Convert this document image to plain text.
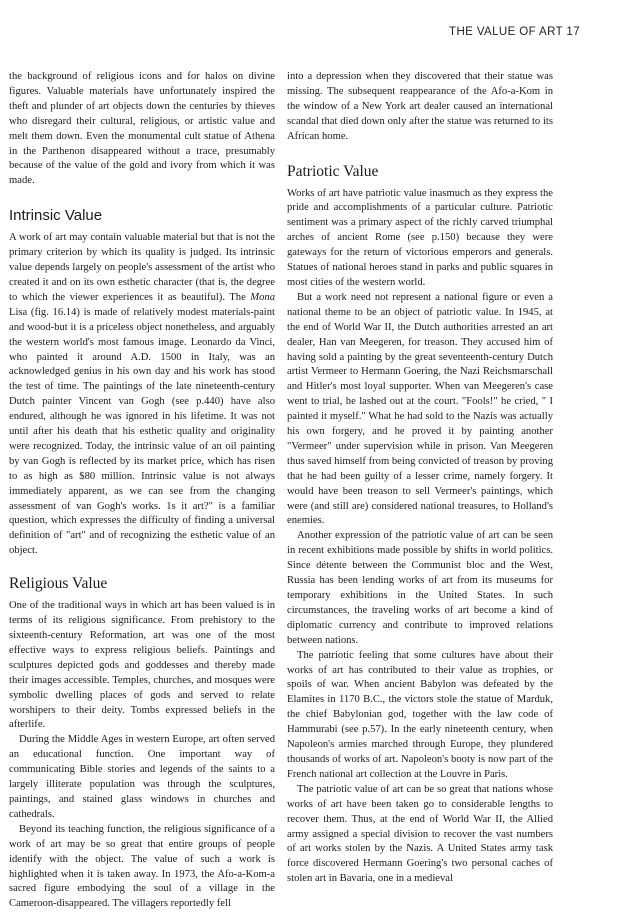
THE VALUE OF ART 17

the background of religious icons and for halos on divine figures. Valuable materials have unfortunately inspired the theft and plunder of art objects down the centuries by thieves who disregard their cultural, religious, or artistic value and melt them down. Even the monumental cult statue of Athena in the Parthenon disappeared without a trace, presumably because of the value of the gold and ivory from which it was made.

Intrinsic Value

A work of art may contain valuable material but that is not the primary criterion by which its quality is judged. Its intrinsic value depends largely on people's assessment of the artist who created it and on its own esthetic character (that is, the degree to which the viewer experiences it as beautiful). The Mona Lisa (fig. 16.14) is made of relatively modest materials-paint and wood-but it is a priceless object nonetheless, and arguably the western world's most famous image. Leonardo da Vinci, who painted it around A.D. 1500 in Italy, was an acknowledged genius in his own day and his work has stood the test of time. The paintings of the late nineteenth-century Dutch painter Vincent van Gogh (see p.440) have also endured, although he was ignored in his lifetime. It was not until after his death that his esthetic quality and originality were recognized. Today, the intrinsic value of an oil painting by van Gogh is reflected by its market price, which has risen to as high as $80 million. Intrinsic value is not always immediately apparent, as we can see from the changing assessment of van Gogh's works. 1s it art?" is a familiar question, which expresses the difficulty of finding a universal definition of "art" and of recognizing the esthetic value of an object.

Religious Value

One of the traditional ways in which art has been valued is in terms of its religious significance. From prehistory to the sixteenth-century Reformation, art was one of the most effective ways to express religious beliefs. Paintings and sculptures depicted gods and goddesses and thereby made their images accessible. Temples, churches, and mosques were symbolic dwelling places of gods and served to relate worshipers to their deity. Tombs expressed beliefs in the afterlife.

During the Middle Ages in western Europe, art often served an educational function. One important way of communicating Bible stories and legends of the saints to a largely illiterate population was through the sculptures, paintings, and stained glass windows in churches and cathedrals.

Beyond its teaching function, the religious significance of a work of art may be so great that entire groups of people identify with the object. The value of such a work is highlighted when it is taken away. In 1973, the Afo-a-Kom-a sacred figure embodying the soul of a village in the Cameroon-disappeared. The villagers reportedly fell

into a depression when they discovered that their statue was missing. The subsequent reappearance of the Afo-a-Kom in the window of a New York art dealer caused an international scandal that died down only after the statue was returned to its African home.

Patriotic Value

Works of art have patriotic value inasmuch as they express the pride and accomplishments of a particular culture. Patriotic sentiment was a primary aspect of the richly carved triumphal arches of ancient Rome (see p.150) because they were gateways for the return of victorious emperors and generals. Statues of national heroes stand in parks and public squares in most cities of the western world.

But a work need not represent a national figure or even a national theme to be an object of patriotic value. In 1945, at the end of World War II, the Dutch authorities arrested an art dealer, Han van Meegeren, for treason. They accused him of having sold a painting by the great seventeenth-century Dutch artist Vermeer to Hermann Goering, the Nazi Reichsmarschall and Hitler's most loyal supporter. When van Meegeren's case went to trial, he lashed out at the court. "Fools!" he cried, " I painted it myself." What he had sold to the Nazis was actually his own forgery, and he proved it by painting another "Vermeer" under supervision while in prison. Van Meegeren thus saved himself from being convicted of treason by proving that he had been guilty of a lesser crime, namely forgery. It would have been treason to sell Vermeer's paintings, which were (and still are) considered national treasures, to Holland's enemies.

Another expression of the patriotic value of art can be seen in recent exhibitions made possible by shifts in world politics. Since détente between the Communist bloc and the West, Russia has been lending works of art from its museums for temporary exhibitions in the United States. In such circumstances, the traveling works of art become a kind of diplomatic currency and contribute to improved relations between nations.

The patriotic feeling that some cultures have about their works of art has contributed to their value as trophies, or spoils of war. When ancient Babylon was defeated by the Elamites in 1170 B.C., the victors stole the statue of Marduk, the chief Babylonian god, together with the law code of Hammurabi (see p.57). In the early nineteenth century, when Napoleon's armies marched through Europe, they plundered thousands of works of art. Napoleon's booty is now part of the French national art collection at the Louvre in Paris.

The patriotic value of art can be so great that nations whose works of art have been taken go to considerable lengths to recover them. Thus, at the end of World War II, the Allied army assigned a special division to recover the vast numbers of art works stolen by the Nazis. A United States army task force discovered Hermann Goering's two personal caches of stolen art in Bavaria, one in a medieval
